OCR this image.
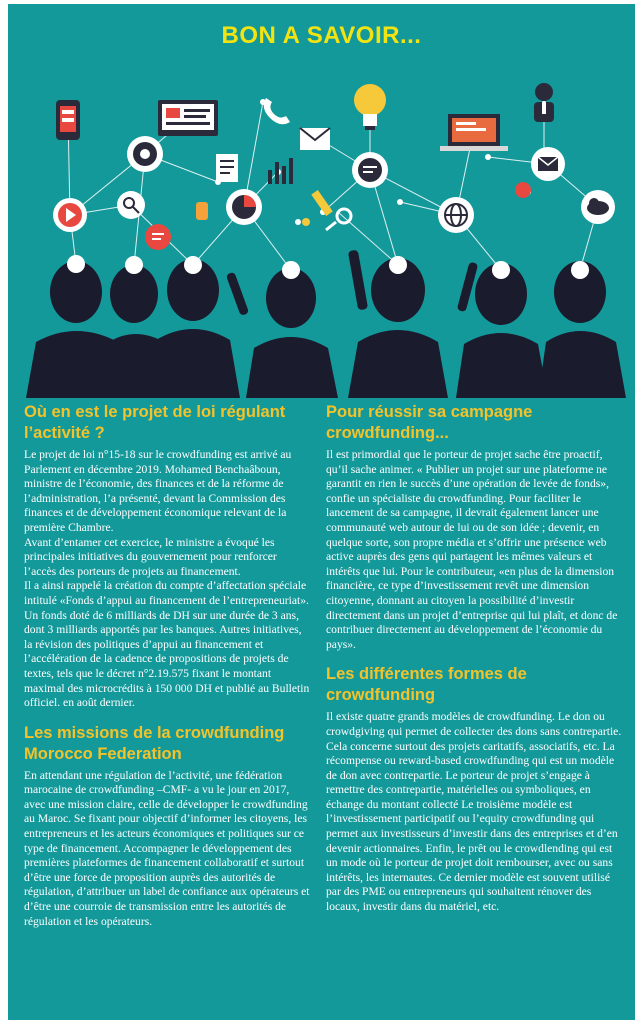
BON A SAVOIR...
Où en est le projet de loi régulant l’activité ?

Le projet de loi n°15-18 sur le crowdfunding est arrivé au Parlement en décembre 2019. Mohamed Benchaâboun, ministre de l’économie, des finances et de la réforme de l’administration, l’a présenté, devant la Commission des finances et de développement économique relevant de la première Chambre.

Avant d’entamer cet exercice, le ministre a évoqué les principales initiatives du gouvernement pour renforcer l’accès des porteurs de projets au financement.

Il a ainsi rappelé la création du compte d’affectation spéciale intitulé «Fonds d’appui au financement de l’entrepreneuriat». Un fonds doté de 6 milliards de DH sur une durée de 3 ans, dont 3 milliards apportés par les banques. Autres initiatives, la révision des politiques d’appui au financement et l’accélération de la cadence de propositions de projets de textes, tels que le décret n°2.19.575 fixant le montant maximal des microcrédits à 150 000 DH et publié au Bulletin officiel. en août dernier.

Les missions de la crowdfunding Morocco Federation

En attendant une régulation de l’activité, une fédération marocaine de crowdfunding –CMF- a vu le jour en 2017, avec une mission claire, celle de développer le crowdfunding au Maroc. Se fixant pour objectif d’informer les citoyens, les entrepreneurs et les acteurs économiques et politiques sur ce type de financement. Accompagner le développement des premières plateformes de financement collaboratif et surtout d’être une force de proposition auprès des autorités de régulation, d’attribuer un label de confiance aux opérateurs et d’être une courroie de transmission entre les autorités de régulation et les opérateurs.

Pour réussir sa campagne crowdfunding...

Il est primordial que le porteur de projet sache être proactif, qu’il sache animer. « Publier un projet sur une plateforme ne garantit en rien le succès d’une opération de levée de fonds», confie un spécialiste du crowdfunding. Pour faciliter le lancement de sa campagne, il devrait également lancer une communauté web autour de lui ou de son idée ; devenir, en quelque sorte, son propre média et s’offrir une présence web active auprès des gens qui partagent les mêmes valeurs et intérêts que lui. Pour le contributeur, «en plus de la dimension financière, ce type d’investissement revêt une dimension citoyenne, donnant au citoyen la possibilité d’investir directement dans un projet d’entreprise qui lui plaît, et donc de contribuer directement au développement de l’économie du pays».

Les différentes formes de crowdfunding

Il existe quatre grands modèles de crowdfunding. Le don ou crowdgiving qui permet de collecter des dons sans contrepartie. Cela concerne surtout des projets caritatifs, associatifs, etc. La récompense ou reward-based crowdfunding qui est un modèle de don avec contrepartie. Le porteur de projet s’engage à remettre des contrepartie, matérielles ou symboliques, en échange du montant collecté Le troisième modèle est l’investissement participatif ou l’equity crowdfunding qui permet aux investisseurs d’investir dans des entreprises et d’en devenir actionnaires. Enfin, le prêt ou le crowdlending qui est un mode où le porteur de projet doit rembourser, avec ou sans intérêts, les internautes. Ce dernier modèle est souvent utilisé par des PME ou entrepreneurs qui souhaitent rénover des locaux, investir dans du matériel, etc.
